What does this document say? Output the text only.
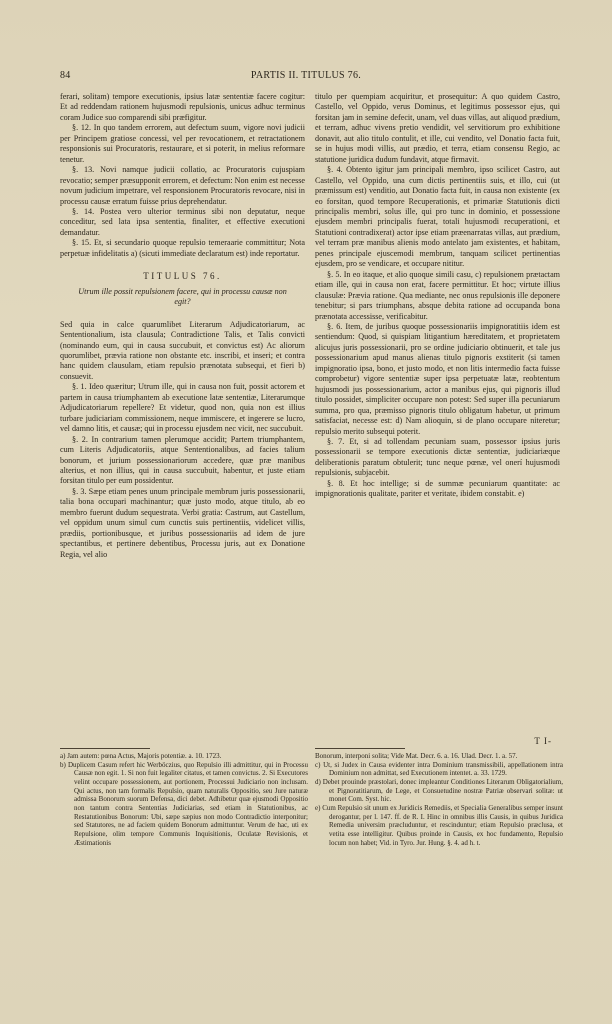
84	PARTIS II. TITULUS 76.

ferari, solitam) tempore executionis, ipsius latæ sententiæ facere cogitur: Et ad reddendam rationem hujusmodi repulsionis, unicus adhuc terminus coram Judice suo comparendi sibi præfigitur.

§. 12. In quo tandem errorem, aut defectum suum, vigore novi judicii per Principem gratiose concessi, vel per revocationem, et retractationem responsionis sui Procuratoris, restaurare, et si poterit, in melius reformare tenetur.

§. 13. Novi namque judicii collatio, ac Procuratoris cujuspiam revocatio; semper præsupponit errorem, et defectum: Non enim est necesse novum judicium impetrare, vel responsionem Procuratoris revocare, nisi in processu causæ erratum fuisse prius deprehendatur.

§. 14. Postea vero ulterior terminus sibi non deputatur, neque conceditur, sed lata ipsa sententia, finaliter, et effective executioni demandatur.

§. 15. Et, si secundario quoque repulsio temeraarie committitur; Nota perpetuæ infidelitatis a) (sicuti immediate declaratum est) inde reportatur.

TITULUS 76.

Utrum ille possit repulsionem facere, qui in processu causæ non egit?

Sed quia in calce quarumlibet Literarum Adjudicatoriarum, ac Sententionalium, ista clausula; Contradictione Talis, et Talis convicti (nominando eum, qui in causa succubuit, et convictus est) Ac aliorum quorumlibet, prævia ratione non obstante etc. inscribi, et inseri; et contra hanc quidem clausulam, etiam repulsio prænotata subsequi, et fieri b) consuevit.

§. 1. Ideo quæritur; Utrum ille, qui in causa non fuit, possit actorem et partem in causa triumphantem ab executione latæ sententiæ, Literarumque Adjudicatoriarum repellere? Et videtur, quod non, quia non est illius turbare judiciariam commissionem, neque immiscere, et ingerere se lucro, vel damno litis, et causæ; qui in processu ejusdem nec vicit, nec succubuit.

§. 2. In contrarium tamen plerumque accidit; Partem triumphantem, cum Literis Adjudicatoriis, atque Sententionalibus, ad facies talium bonorum, et jurium possessionariorum accedere, quæ præ manibus alterius, et non illius, qui in causa succubuit, habentur, et juste etiam forsitan titulo per eum possidentur.

§. 3. Sæpe etiam penes unum principale membrum juris possessionarii, talia bona occupari machinantur; quæ justo modo, atque titulo, ab eo membro fuerunt dudum sequestrata. Verbi gratia: Castrum, aut Castellum, vel oppidum unum simul cum cunctis suis pertinentiis, videlicet villis, prædiis, portionibusque, et juribus possessionariis ad idem de jure spectantibus, et pertinere debentibus, Processu juris, aut ex Donatione Regia, vel alio

titulo per quempiam acquiritur, et prosequitur: A quo quidem Castro, Castello, vel Oppido, verus Dominus, et legitimus possessor ejus, qui forsitan jam in semine defecit, unam, vel duas villas, aut aliquod prædium, et terram, adhuc vivens pretio vendidit, vel servitiorum pro exhibitione donavit, aut alio titulo contulit, et ille, cui vendito, vel Donatio facta fuit, se in hujus modi villis, aut prædio, et terra, etiam consensu Regio, ac statutione juridica dudum fundavit, atque firmavit.

§. 4. Obtento igitur jam principali membro, ipso scilicet Castro, aut Castello, vel Oppido, una cum dictis pertinentiis suis, et illo, cui (ut præmissum est) venditio, aut Donatio facta fuit, in causa non existente (ex eo forsitan, quod tempore Recuperationis, et primariæ Statutionis dicti principalis membri, solus ille, qui pro tunc in dominio, et possessione ejusdem membri principalis fuerat, totali hujusmodi recuperationi, et Statutioni contradixerat) actor ipse etiam præenarratas villas, aut prædium, vel terram præ manibus alienis modo antelato jam existentes, et habitam, penes principale ejuscemodi membrum, tanquam scilicet pertinentias ejusdem, pro se vendicare, et occupare nititur.

§. 5. In eo itaque, et alio quoque simili casu, c) repulsionem prætactam etiam ille, qui in causa non erat, facere permittitur. Et hoc; virtute illius clausulæ: Prævia ratione. Qua mediante, nec onus repulsionis ille deponere tenebitur; si pars triumphans, absque debita ratione ad occupanda bona prænotata accessisse, verificabitur.

§. 6. Item, de juribus quoque possessionariis impignoratitiis idem est sentiendum: Quod, si quispiam litigantium hæreditatem, et proprietatem alicujus juris possessionarii, pro se ordine judiciario obtinuerit, et tale jus possessionarium apud manus alienas titulo pignoris exstiterit (si tamen impignoratio ipsa, bono, et justo modo, et non litis intermedio facta fuisse comprobetur) vigore sententiæ super ipsa perpetuatæ latæ, reobtentum hujusmodi jus possessionarium, actor a manibus ejus, qui pignoris illud titulo possidet, simpliciter occupare non potest: Sed super illa pecuniarum summa, pro qua, præmisso pignoris titulo obligatum habetur, ut primum satisfaciat, necesse est: d) Nam alioquin, si de plano occupare niteretur; repulsio merito subsequi poterit.

§. 7. Et, si ad tollendam pecuniam suam, possessor ipsius juris possessionarii se tempore executionis dictæ sententiæ, judiciariæque deliberationis paratum obtulerit; tunc neque pœnæ, vel onerí hujusmodi repulsionis, subjacebit.

§. 8. Et hoc intellige; si de summæ pecuniarum quantitate: ac impignorationis qualitate, pariter et veritate, ibidem constabit. e)

T I-

a) Jam autem: pœna Actus, Majoris potentiæ. a. 10. 1723.

b) Duplicem Casum refert hic Werböczius, quo Repulsio illi admittitur, qui in Processu Causæ non egit. 1. Si non fuit legaliter citatus, et tamen convictus. 2. Si Executores velint occupare possessionem, aut portionem, Processui Judiciario non inclusam. Qui actus, non tam formalis Repulsio, quam naturalis Oppositio, seu Jure naturæ admissa Bonorum suorum Defensa, dici debet. Adhibetur quæ ejusmodi Oppositio non tantum contra Sententias Judiciarias, sed etiam in Statutionibus, ac Restatutionibus Bonorum: Ubi, sæpe sæpius non modo Contradictio interponitur; sed Statutores, ne ad faciem quidem Bonorum admittuntur. Verum de hac, uti ex Repulsione, olim tempore Communis Inquisitionis, Oculatæ Revisionis, et Æstimationis

Bonorum, interponi solita; Vide Mat. Decr. 6. a. 16. Ulad. Decr. 1. a. 57.

c) Ut, si Judex in Causa evidenter intra Dominium transmissibili, appellationem intra Dominium non admittat, sed Executionem intentet. a. 33. 1729.

d) Debet prouinde præstolari, donec impleantur Conditiones Literarum Obligatorialium, et Pignoratitiarum, de Lege, et Consuetudine nostræ Patriæ observari solitæ: ut monet Com. Syst. hic.

e) Cum Repulsio sit unum ex Juridicis Remediis, et Specialia Generalibus semper insunt derogantur, per l. 147. ff. de R. I. Hinc in omnibus illis Causis, in quibus Juridica Remedia universim præcluduntur, et rescinduntur; etiam Repulsio præclusa, et vetita esse intelligitur. Quibus proinde in Causis, ex hoc fundamento, Repulsio locum non habet; Vid. in Tyro. Jur. Hung. §. 4. ad h. t.
